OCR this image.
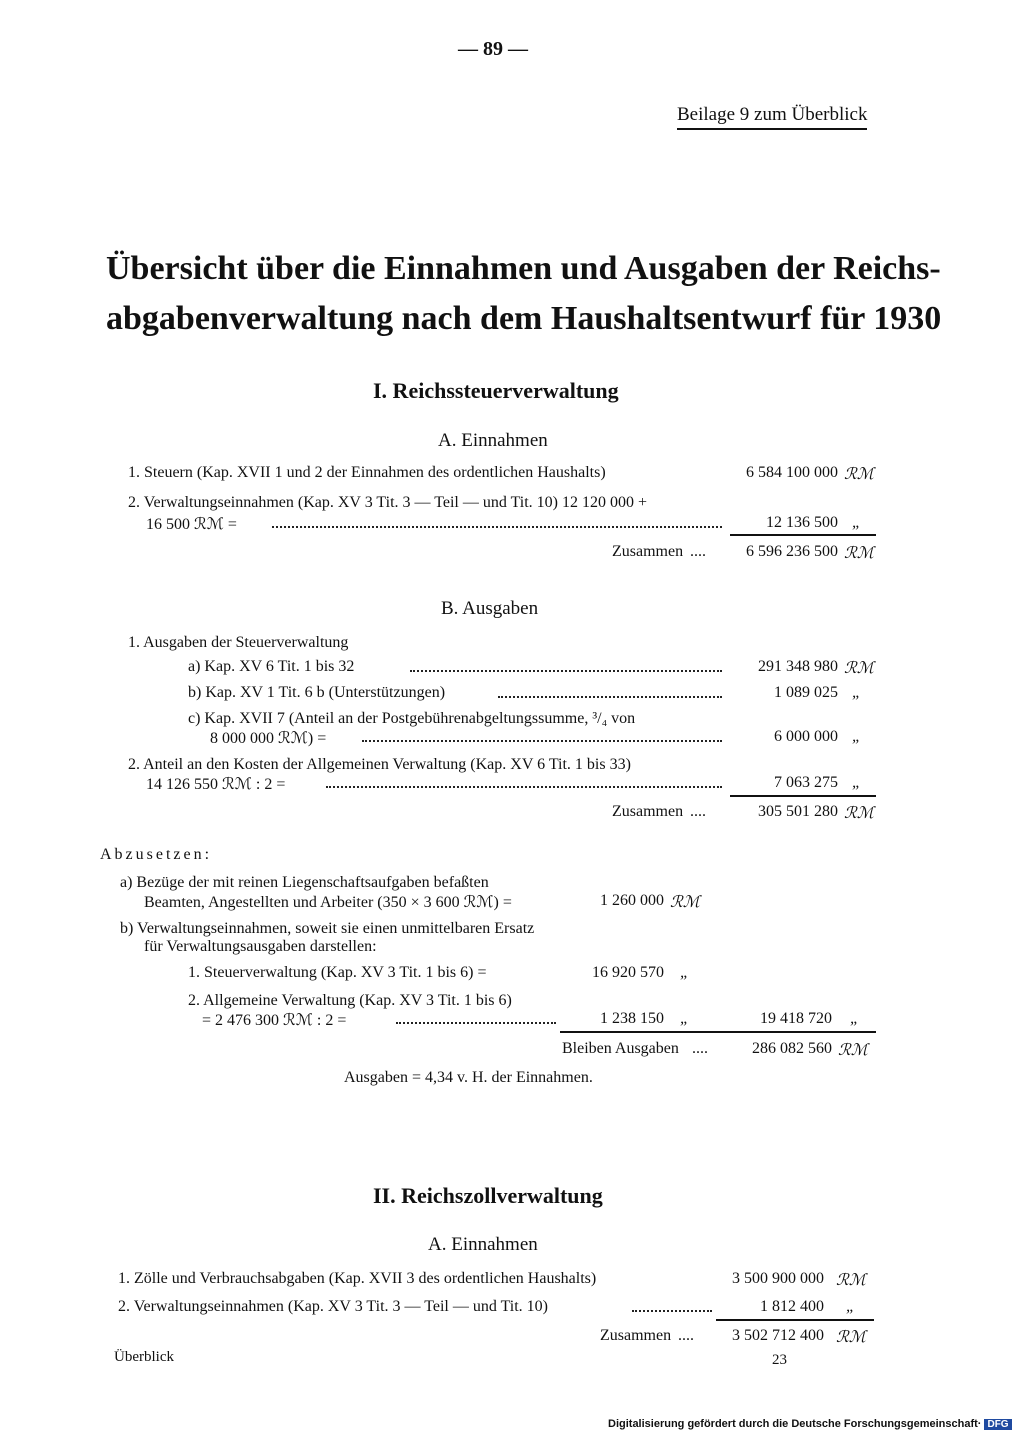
— 89 —
Beilage 9 zum Überblick
Übersicht über die Einnahmen und Ausgaben der Reichs-
abgabenverwaltung nach dem Haushaltsentwurf für 1930
I. Reichssteuerverwaltung
A. Einnahmen
1. Steuern (Kap. XVII 1 und 2 der Einnahmen des ordentlichen Haushalts)	6 584 100 000 ℛℳ
2. Verwaltungseinnahmen (Kap. XV 3 Tit. 3 — Teil — und Tit. 10) 12 120 000 +
16 500 ℛℳ =	12 136 500 „
Zusammen ....	6 596 236 500 ℛℳ
B. Ausgaben
1. Ausgaben der Steuerverwaltung
a) Kap. XV 6 Tit. 1 bis 32	291 348 980 ℛℳ
b) Kap. XV 1 Tit. 6 b (Unterstützungen)	1 089 025 „
c) Kap. XVII 7 (Anteil an der Postgebührenabgeltungssumme, ³/₄ von
8 000 000 ℛℳ) =	6 000 000 „
2. Anteil an den Kosten der Allgemeinen Verwaltung (Kap. XV 6 Tit. 1 bis 33)
14 126 550 ℛℳ : 2 =	7 063 275 „
Zusammen ....	305 501 280 ℛℳ
Abzusetzen:
a) Bezüge der mit reinen Liegenschaftsaufgaben befaßten
Beamten, Angestellten und Arbeiter (350 × 3 600 ℛℳ) =	1 260 000 ℛℳ
b) Verwaltungseinnahmen, soweit sie einen unmittelbaren Ersatz
für Verwaltungsausgaben darstellen:
1. Steuerverwaltung (Kap. XV 3 Tit. 1 bis 6) =	16 920 570 „
2. Allgemeine Verwaltung (Kap. XV 3 Tit. 1 bis 6)
= 2 476 300 ℛℳ : 2 =	1 238 150 „	19 418 720 „
Bleiben Ausgaben ....	286 082 560 ℛℳ
Ausgaben = 4,34 v. H. der Einnahmen.
II. Reichszollverwaltung
A. Einnahmen
1. Zölle und Verbrauchsabgaben (Kap. XVII 3 des ordentlichen Haushalts)	3 500 900 000 ℛℳ
2. Verwaltungseinnahmen (Kap. XV 3 Tit. 3 — Teil — und Tit. 10)	1 812 400 „
Zusammen .... 3 502 712 400 ℛℳ
Überblick	23
Digitalisierung gefördert durch die Deutsche Forschungsgemeinschaft· DFG
